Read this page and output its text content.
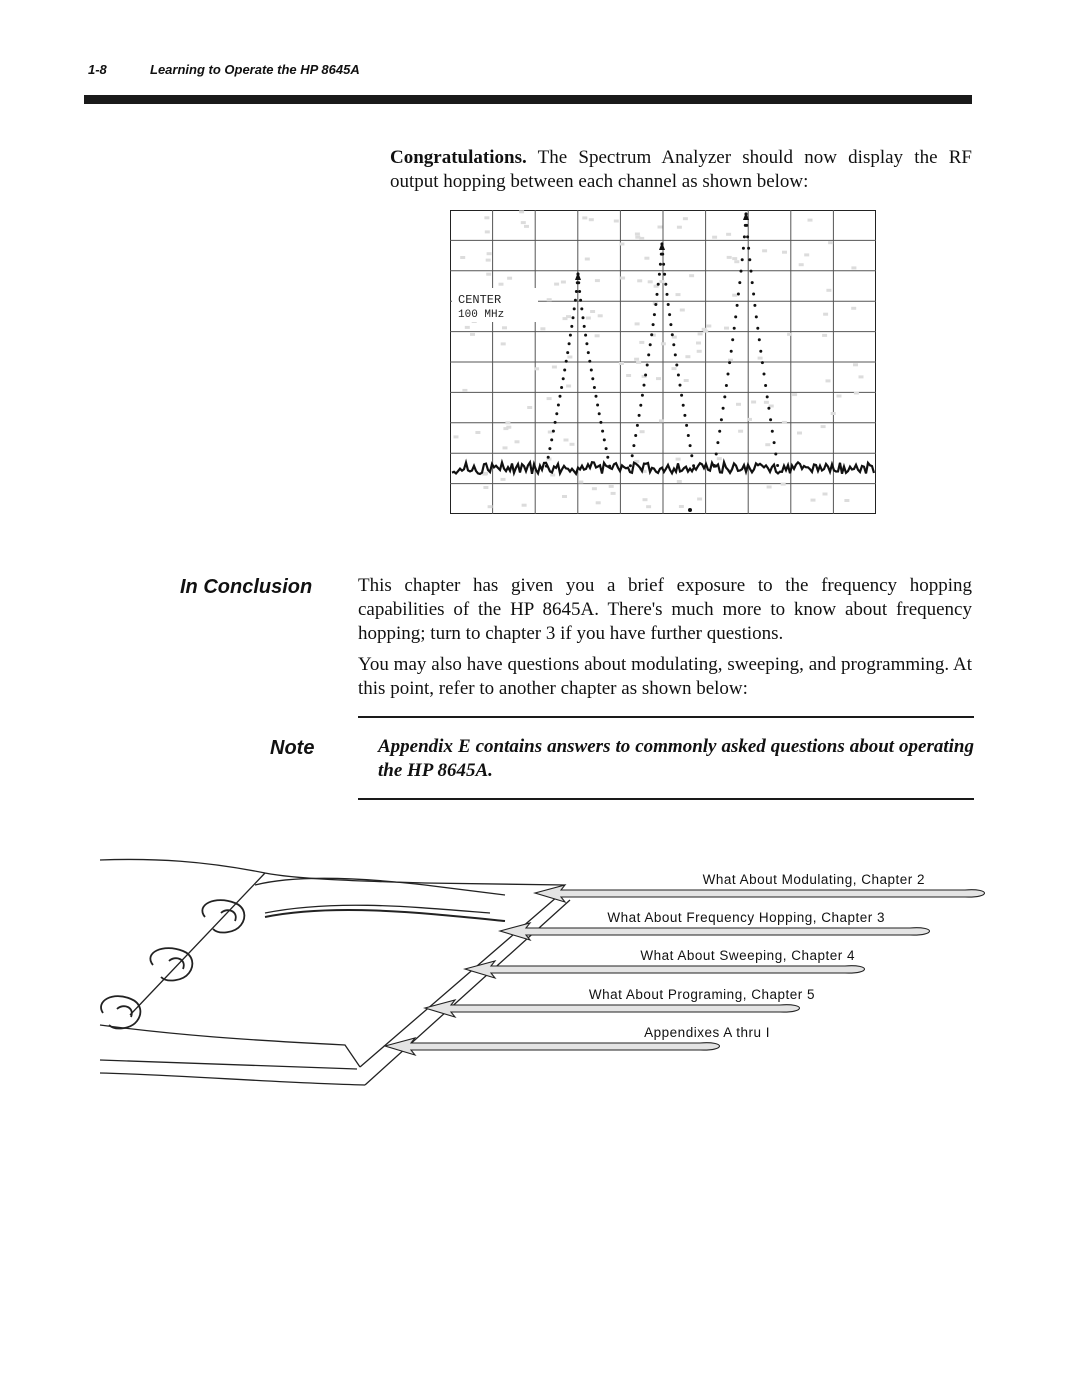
1-8	Learning to Operate the HP 8645A
Congratulations. The Spectrum Analyzer should now display the RF output hopping between each channel as shown below:
CENTER
100 MHz
In Conclusion This chapter has given you a brief exposure to the frequency hopping capabilities of the HP 8645A. There's much more to know about frequency hopping; turn to chapter 3 if you have further questions.
You may also have questions about modulating, sweeping, and programming. At this point, refer to another chapter as shown below:
Note	Appendix E contains answers to commonly asked questions about operating the HP 8645A.
What About Modulating, Chapter 2
What About Frequency Hopping, Chapter 3
What About Sweeping, Chapter 4
What About Programing, Chapter 5
Appendixes A thru I
